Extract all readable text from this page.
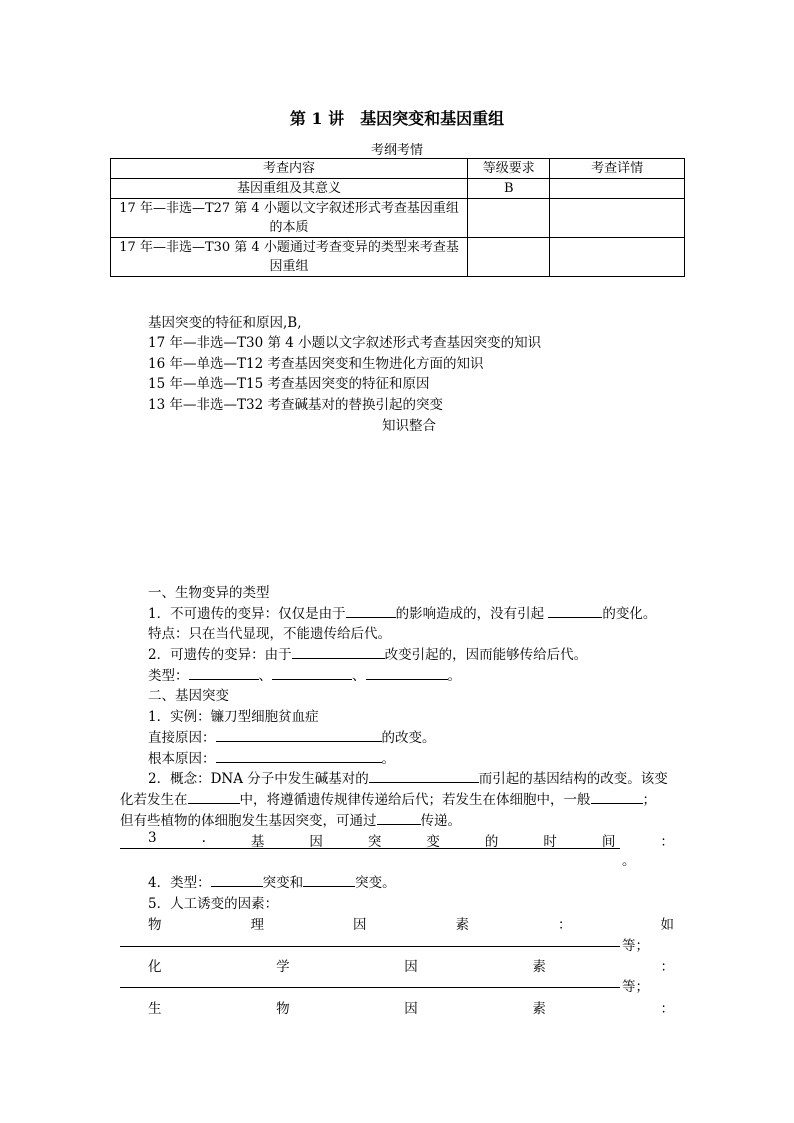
第 1 讲　基因突变和基因重组
考纲考情
考查内容	等级要求	考查详情
基因重组及其意义	B	
17 年—非选—T27 第 4 小题以文字叙述形式考查基因重组的本质		
17 年—非选—T30 第 4 小题通过考查变异的类型来考查基因重组		
基因突变的特征和原因,B,
17 年—非选—T30 第 4 小题以文字叙述形式考查基因突变的知识
16 年—单选—T12 考查基因突变和生物进化方面的知识
15 年—单选—T15 考查基因突变的特征和原因
13 年—非选—T32 考查碱基对的替换引起的突变
知识整合
一、生物变异的类型
1．不可遗传的变异：仅仅是由于	的影响造成的，没有引起	的变化。
特点：只在当代显现，不能遗传给后代。
2．可遗传的变异：由于	改变引起的，因而能够传给后代。
类型：	、	、	。
二、基因突变
1．实例：镰刀型细胞贫血症
直接原因：	的改变。
根本原因：	。
2．概念：DNA 分子中发生碱基对的	而引起的基因结构的改变。该变
化若发生在	中，将遵循遗传规律传递给后代；若发生在体细胞中，一般	；
但有些植物的体细胞发生基因突变，可通过	传递。
3	.	基	因	突	变	的	时	间	：
。
4．类型：	突变和	突变。
5．人工诱变的因素：
物	理	因	素	：	如
等；
化	学	因	素	：
等；
生	物	因	素	：
